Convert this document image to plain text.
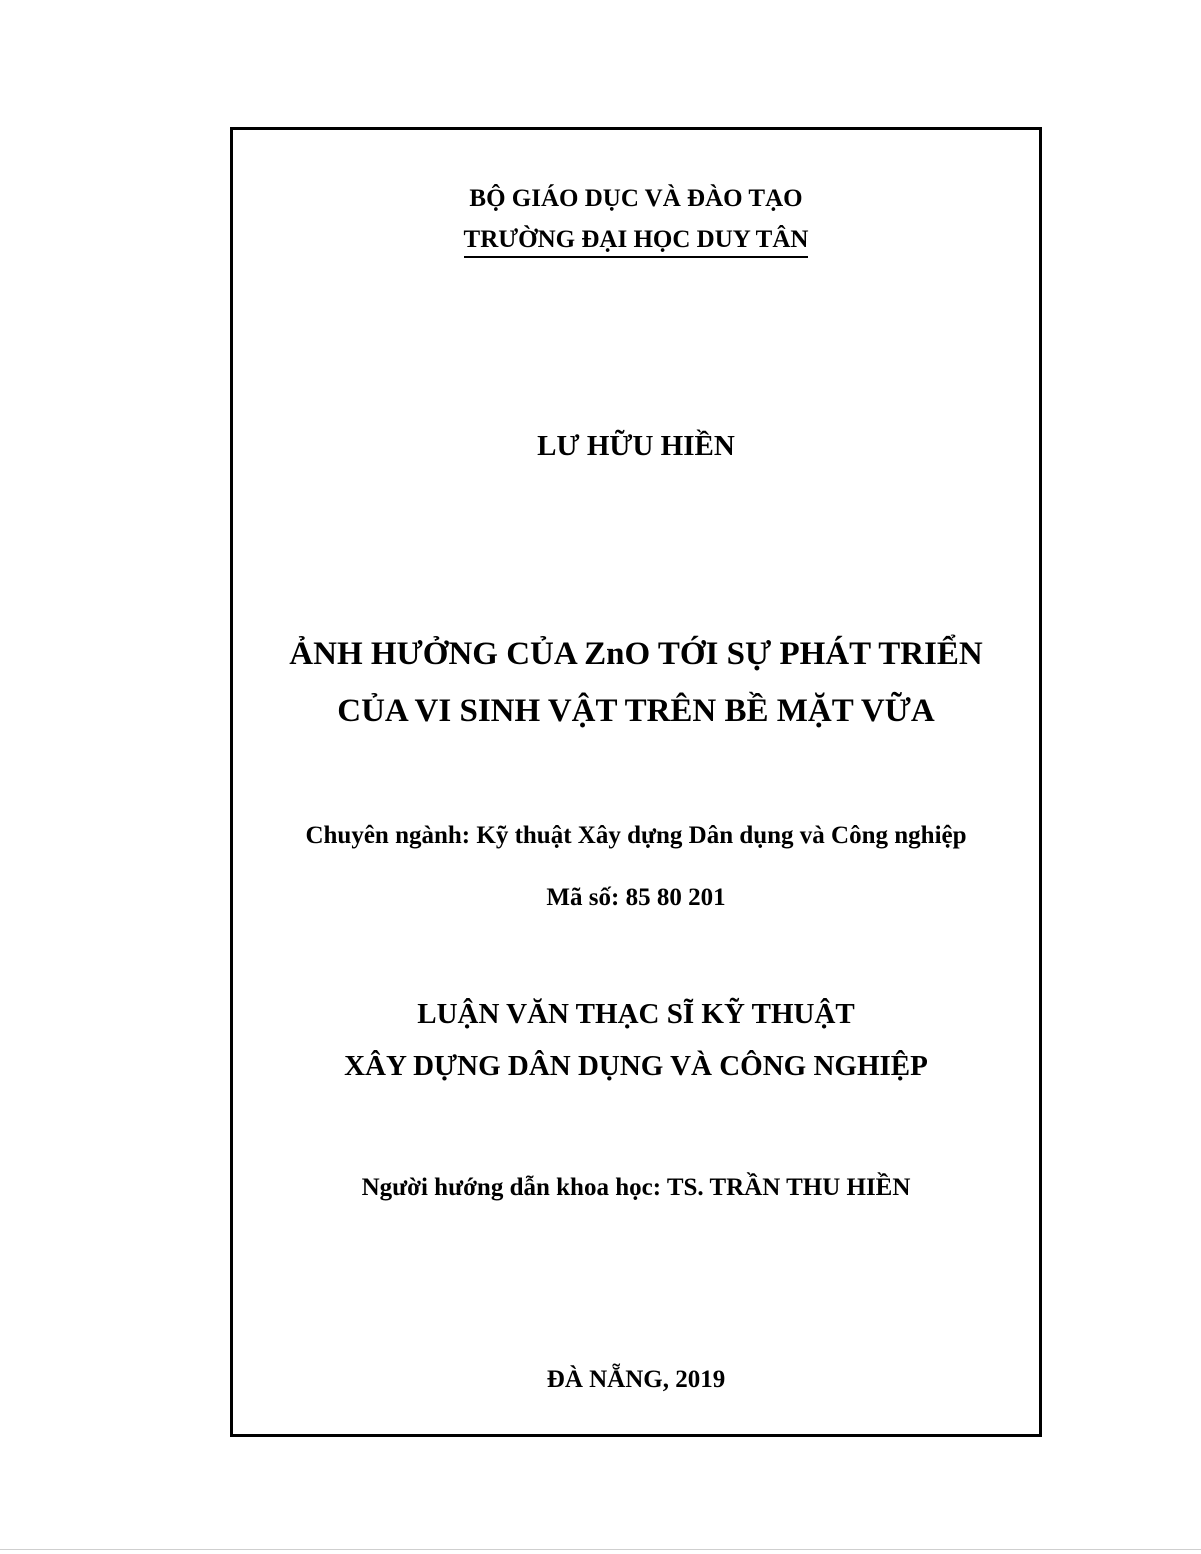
BỘ GIÁO DỤC VÀ ĐÀO TẠO
TRƯỜNG ĐẠI HỌC DUY TÂN
LƯ HỮU HIỀN
ẢNH HƯỞNG CỦA ZnO TỚI SỰ PHÁT TRIỂN
CỦA VI SINH VẬT TRÊN BỀ MẶT VỮA
Chuyên ngành: Kỹ thuật Xây dựng Dân dụng và Công nghiệp
Mã số: 85 80 201
LUẬN VĂN THẠC SĨ KỸ THUẬT
XÂY DỰNG DÂN DỤNG VÀ CÔNG NGHIỆP
Người hướng dẫn khoa học: TS. TRẦN THU HIỀN
ĐÀ NẴNG, 2019
